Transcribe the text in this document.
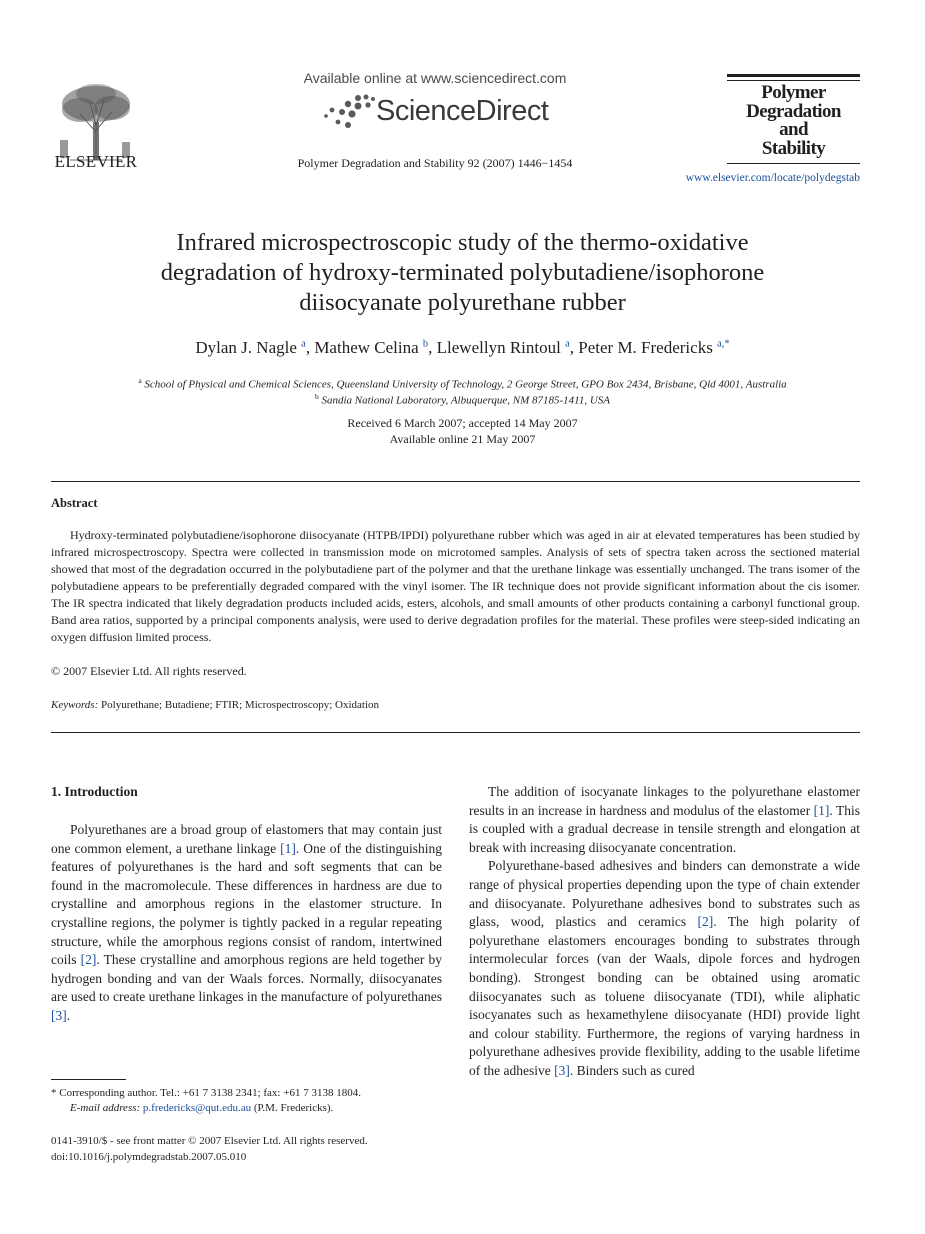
ELSEVIER
Available online at www.sciencedirect.com
ScienceDirect
Polymer Degradation and Stability 92 (2007) 1446−1454
Polymer
Degradation
and
Stability
www.elsevier.com/locate/polydegstab
Infrared microspectroscopic study of the thermo-oxidative
degradation of hydroxy-terminated polybutadiene/isophorone
diisocyanate polyurethane rubber
Dylan J. Nagle $^a$, Mathew Celina $^b$, Llewellyn Rintoul $^a$, Peter M. Fredericks $^{a,*}$
$^a$ School of Physical and Chemical Sciences, Queensland University of Technology, 2 George Street, GPO Box 2434, Brisbane, Qld 4001, Australia
$^b$ Sandia National Laboratory, Albuquerque, NM 87185-1411, USA
Received 6 March 2007; accepted 14 May 2007
Available online 21 May 2007
Abstract

Hydroxy-terminated polybutadiene/isophorone diisocyanate (HTPB/IPDI) polyurethane rubber which was aged in air at elevated temperatures has been studied by infrared microspectroscopy. Spectra were collected in transmission mode on microtomed samples. Analysis of sets of spectra taken across the sectioned material showed that most of the degradation occurred in the polybutadiene part of the polymer and that the urethane linkage was essentially unchanged. The trans isomer of the polybutadiene appears to be preferentially degraded compared with the vinyl isomer. The IR technique does not provide significant information about the cis isomer. The IR spectra indicated that likely degradation products included acids, esters, alcohols, and small amounts of other products containing a carbonyl functional group. Band area ratios, supported by a principal components analysis, were used to derive degradation profiles for the material. These profiles were steep-sided indicating an oxygen diffusion limited process.

© 2007 Elsevier Ltd. All rights reserved.
Keywords: Polyurethane; Butadiene; FTIR; Microspectroscopy; Oxidation
1. Introduction

Polyurethanes are a broad group of elastomers that may contain just one common element, a urethane linkage [1]. One of the distinguishing features of polyurethanes is the hard and soft segments that can be found in the macromolecule. These differences in hardness are due to crystalline and amorphous regions in the elastomer structure. In crystalline regions, the polymer is tightly packed in a regular repeating structure, while the amorphous regions consist of random, intertwined coils [2]. These crystalline and amorphous regions are held together by hydrogen bonding and van der Waals forces. Normally, diisocyanates are used to create urethane linkages in the manufacture of polyurethanes [3].

* Corresponding author. Tel.: +61 7 3138 2341; fax: +61 7 3138 1804.
E-mail address: p.fredericks@qut.edu.au (P.M. Fredericks).
0141-3910/$ - see front matter © 2007 Elsevier Ltd. All rights reserved.
doi:10.1016/j.polymdegradstab.2007.05.010

The addition of isocyanate linkages to the polyurethane elastomer results in an increase in hardness and modulus of the elastomer [1]. This is coupled with a gradual decrease in tensile strength and elongation at break with increasing diisocyanate concentration.

Polyurethane-based adhesives and binders can demonstrate a wide range of physical properties depending upon the type of chain extender and diisocyanate. Polyurethane adhesives bond to substrates such as glass, wood, plastics and ceramics [2]. The high polarity of polyurethane elastomers encourages bonding to substrates through intermolecular forces (van der Waals, dipole forces and hydrogen bonding). Strongest bonding can be obtained using aromatic diisocyanates such as toluene diisocyanate (TDI), while aliphatic isocyanates such as hexamethylene diisocyanate (HDI) provide light and colour stability. Furthermore, the regions of varying hardness in polyurethane adhesives provide flexibility, adding to the usable lifetime of the adhesive [3]. Binders such as cured
